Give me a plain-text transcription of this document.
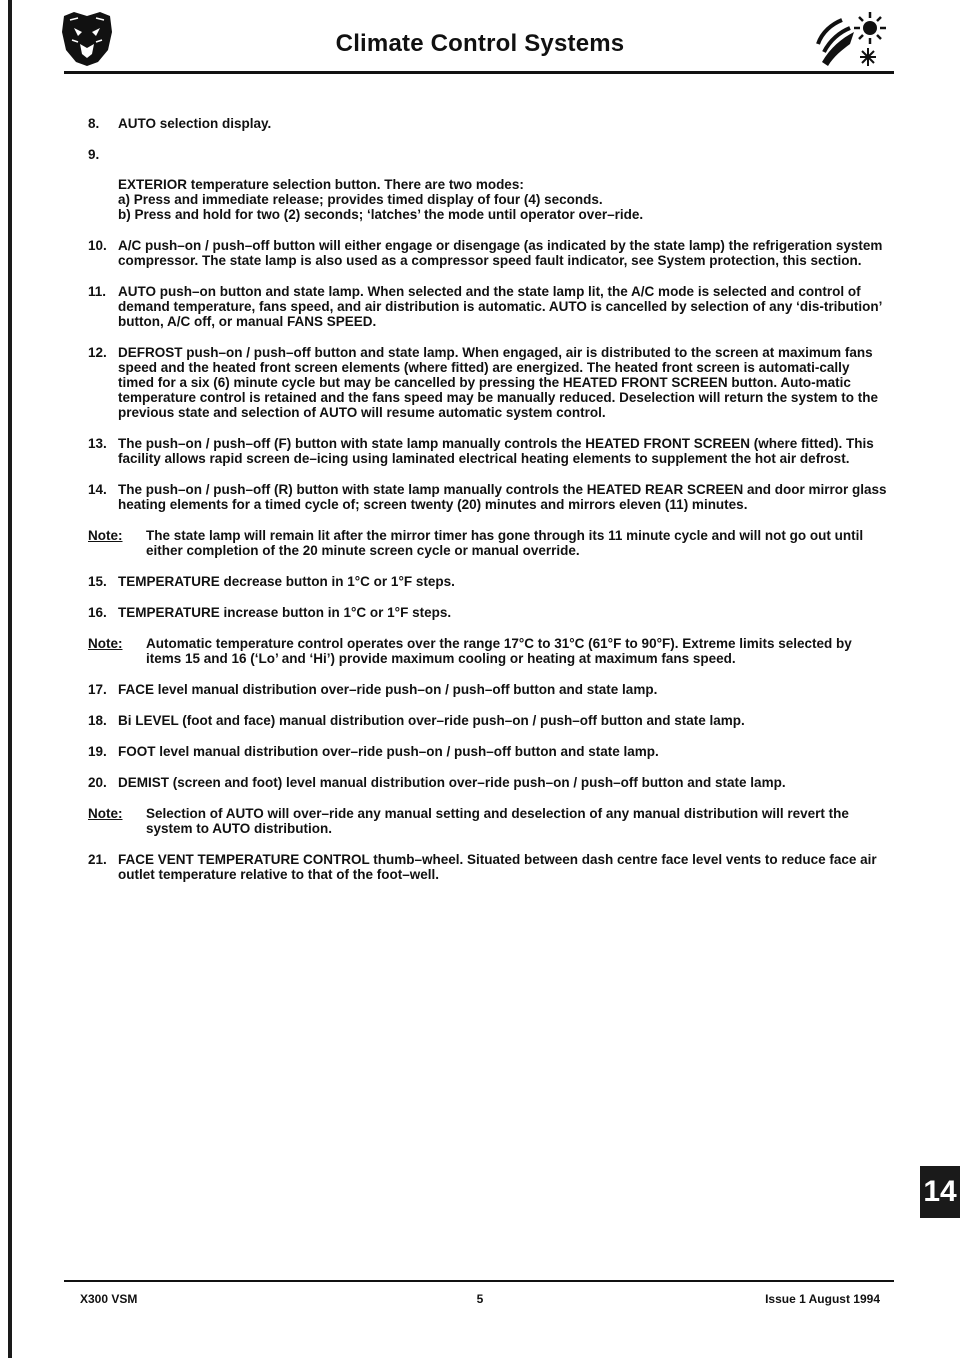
Climate Control Systems
8.	AUTO selection display.

9.

EXTERIOR temperature selection button. There are two modes:
a) Press and immediate release; provides timed display of four (4) seconds.
b) Press and hold for two (2) seconds; ‘latches’ the mode until operator over–ride.

10. A/C push–on / push–off button will either engage or disengage (as indicated by the state lamp) the refrigeration system compressor. The state lamp is also used as a compressor speed fault indicator, see System protection, this section.
11. AUTO push–on button and state lamp. When selected and the state lamp lit, the A/C mode is selected and control of demand temperature, fans speed, and air distribution is automatic. AUTO is cancelled by selection of any ‘dis-tribution’ button, A/C off, or manual FANS SPEED.
12. DEFROST push–on / push–off button and state lamp. When engaged, air is distributed to the screen at maximum fans speed and the heated front screen elements (where fitted) are energized. The heated front screen is automati-cally timed for a six (6) minute cycle but may be cancelled by pressing the HEATED FRONT SCREEN button. Auto-matic temperature control is retained and the fans speed may be manually reduced. Deselection will return the system to the previous state and selection of AUTO will resume automatic system control.
13. The push–on / push–off (F) button with state lamp manually controls the HEATED FRONT SCREEN (where fitted). This facility allows rapid screen de–icing using laminated electrical heating elements to supplement the hot air defrost.
14. The push–on / push–off (R) button with state lamp manually controls the HEATED REAR SCREEN and door mirror glass heating elements for a timed cycle of; screen twenty (20) minutes and mirrors eleven (11) minutes.
Note: The state lamp will remain lit after the mirror timer has gone through its 11 minute cycle and will not go out until either completion of the 20 minute screen cycle or manual override.
15. TEMPERATURE decrease button in 1°C or 1°F steps.
16. TEMPERATURE increase button in 1°C or 1°F steps.
Note: Automatic temperature control operates over the range 17°C to 31°C (61°F to 90°F). Extreme limits selected by items 15 and 16 (‘Lo’ and ‘Hi’) provide maximum cooling or heating at maximum fans speed.
17. FACE level manual distribution over–ride push–on / push–off button and state lamp.
18. Bi LEVEL (foot and face) manual distribution over–ride push–on / push–off button and state lamp.
19. FOOT level manual distribution over–ride push–on / push–off button and state lamp.
20. DEMIST (screen and foot) level manual distribution over–ride push–on / push–off button and state lamp.
Note: Selection of AUTO will over–ride any manual setting and deselection of any manual distribution will revert the system to AUTO distribution.
21. FACE VENT TEMPERATURE CONTROL thumb–wheel. Situated between dash centre face level vents to reduce face air outlet temperature relative to that of the foot–well.
14
X300 VSM	5	Issue 1 August 1994
